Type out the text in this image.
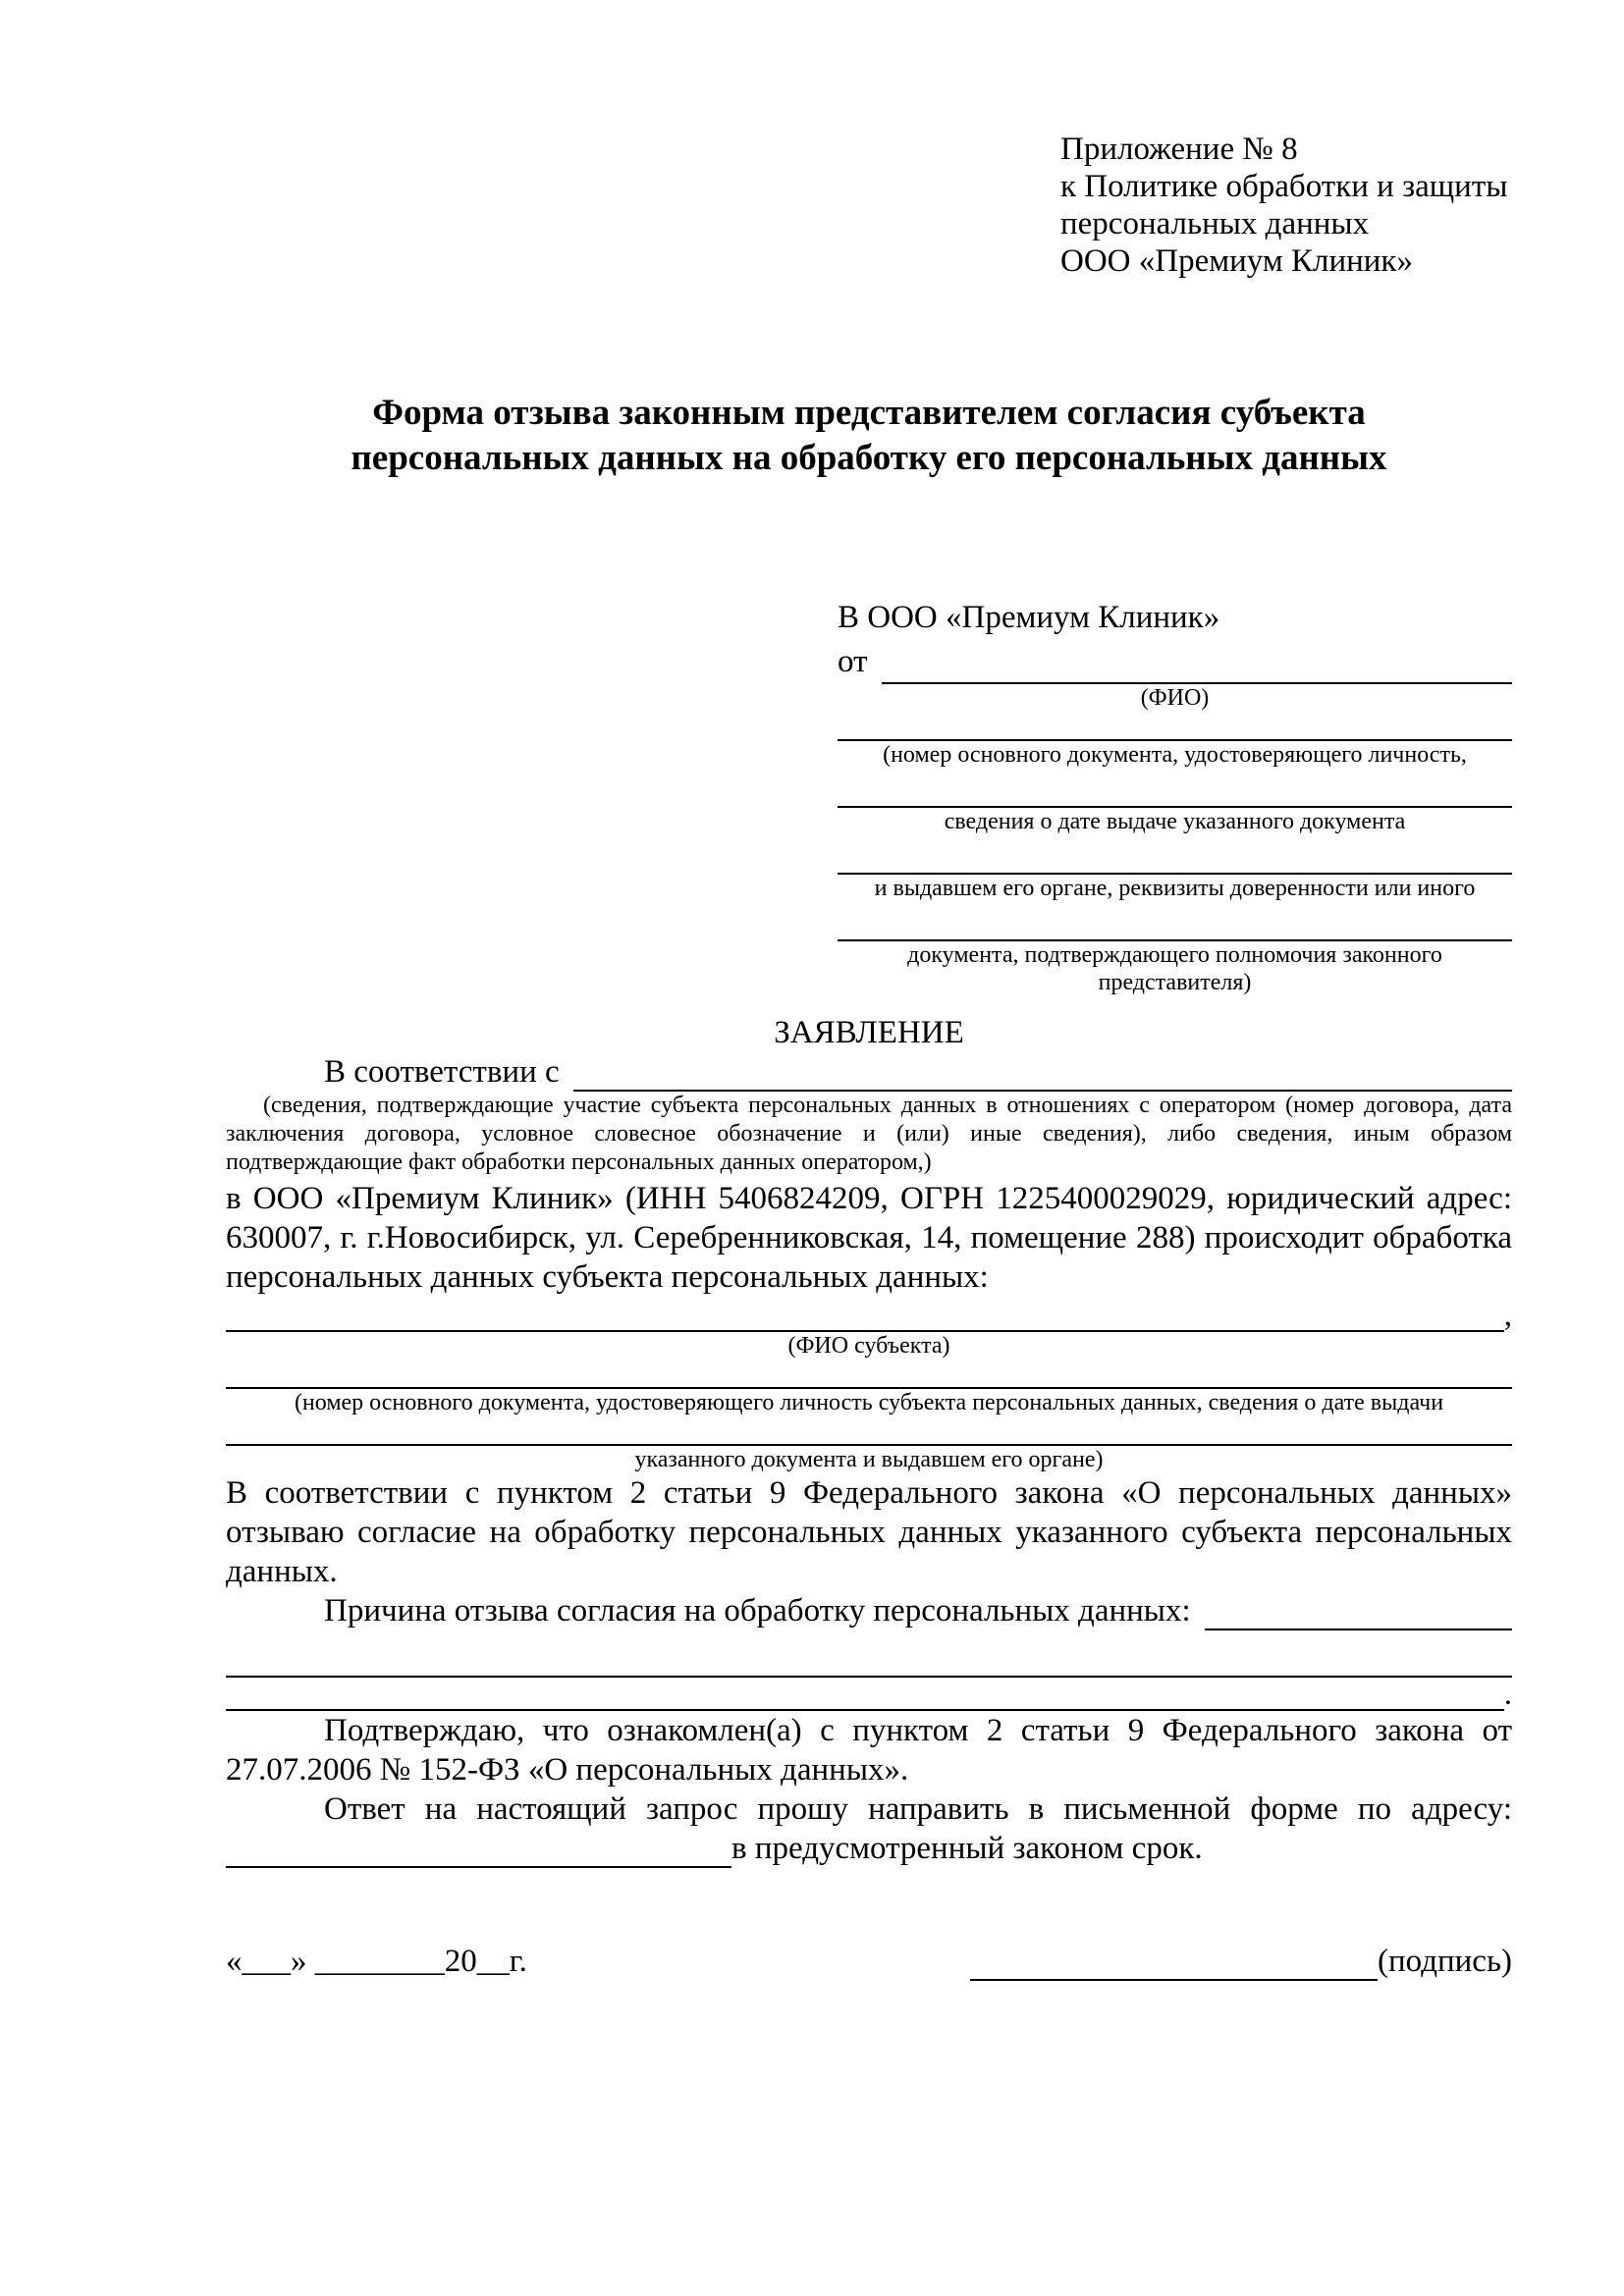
Приложение № 8
к Политике обработки и защиты
персональных данных
ООО «Премиум Клиник»
Форма отзыва законным представителем согласия субъекта
персональных данных на обработку его персональных данных
В ООО «Премиум Клиник»
от
(ФИО)
(номер основного документа, удостоверяющего личность,
сведения о дате выдаче указанного документа
и выдавшем его органе, реквизиты доверенности или иного
документа, подтверждающего полномочия законного представителя)
ЗАЯВЛЕНИЕ
В соответствии с
(сведения, подтверждающие участие субъекта персональных данных в отношениях с оператором (номер договора, дата заключения договора, условное словесное обозначение и (или) иные сведения), либо сведения, иным образом подтверждающие факт обработки персональных данных оператором,)
в ООО «Премиум Клиник» (ИНН 5406824209, ОГРН 1225400029029, юридический адрес: 630007, г. г.Новосибирск, ул. Серебренниковская, 14, помещение 288) происходит обработка персональных данных субъекта персональных данных:
,
(ФИО субъекта)
(номер основного документа, удостоверяющего личность субъекта персональных данных, сведения о дате выдачи
указанного документа и выдавшем его органе)
В соответствии с пунктом 2 статьи 9 Федерального закона «О персональных данных» отзываю согласие на обработку персональных данных указанного субъекта персональных данных.
Причина отзыва согласия на обработку персональных данных:
.
Подтверждаю, что ознакомлен(а) с пунктом 2 статьи 9 Федерального закона от 27.07.2006 № 152-ФЗ «О персональных данных».
Ответ на настоящий запрос прошу направить в письменной форме по адресу:
в предусмотренный законом срок.
«___» ________20__г.	(подпись)
